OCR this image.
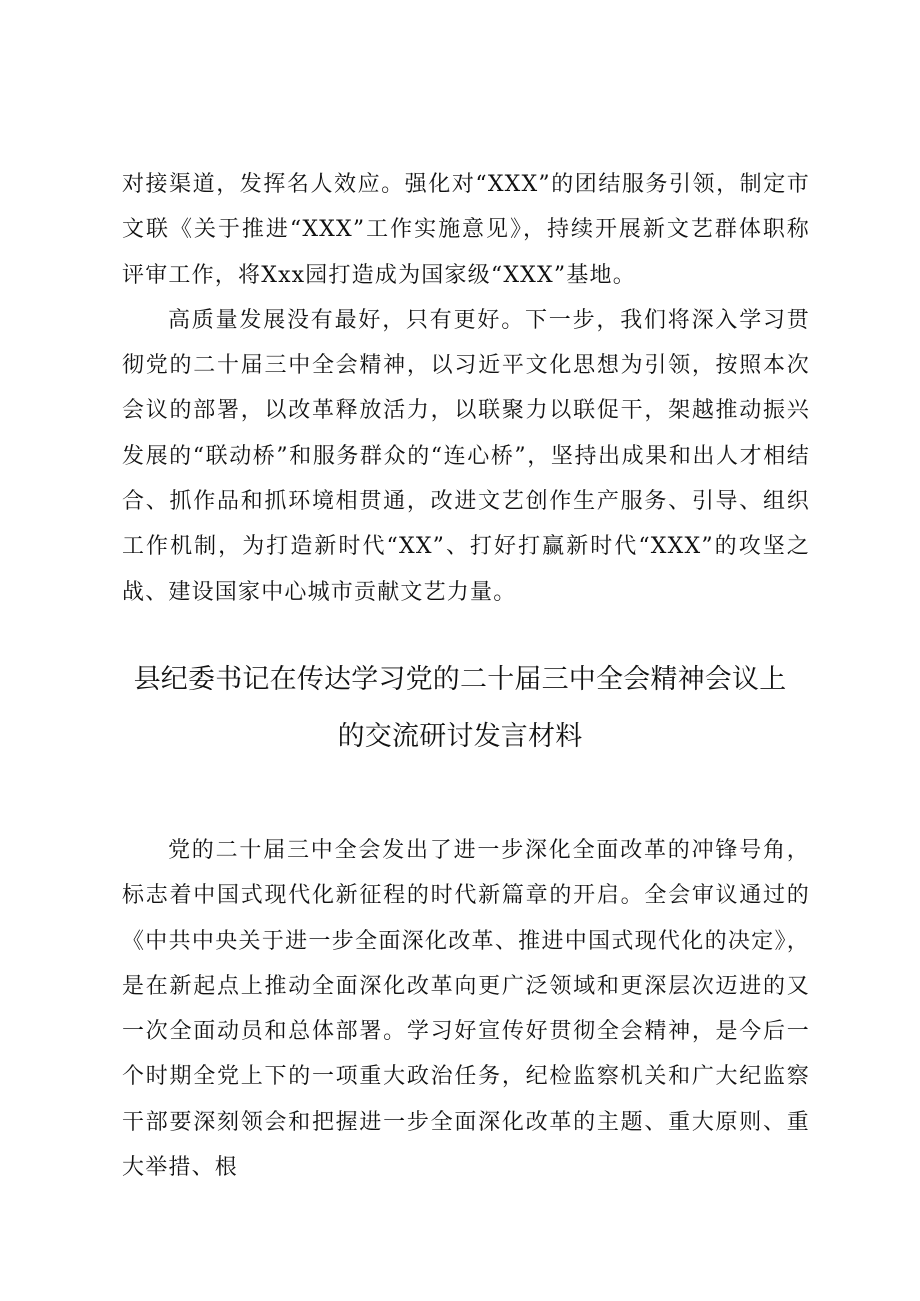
对接渠道，发挥名人效应。强化对“XXX”的团结服务引领，制定市文联《关于推进“XXX”工作实施意见》，持续开展新文艺群体职称评审工作，将Xxx园打造成为国家级“XXX”基地。

高质量发展没有最好，只有更好。下一步，我们将深入学习贯彻党的二十届三中全会精神，以习近平文化思想为引领，按照本次会议的部署，以改革释放活力，以联聚力以联促干，架越推动振兴发展的“联动桥”和服务群众的“连心桥”，坚持出成果和出人才相结合、抓作品和抓环境相贯通，改进文艺创作生产服务、引导、组织工作机制，为打造新时代“XX”、打好打赢新时代“XXX”的攻坚之战、建设国家中心城市贡献文艺力量。

县纪委书记在传达学习党的二十届三中全会精神会议上
的交流研讨发言材料

党的二十届三中全会发出了进一步深化全面改革的冲锋号角，标志着中国式现代化新征程的时代新篇章的开启。全会审议通过的《中共中央关于进一步全面深化改革、推进中国式现代化的决定》，是在新起点上推动全面深化改革向更广泛领域和更深层次迈进的又一次全面动员和总体部署。学习好宣传好贯彻全会精神，是今后一个时期全党上下的一项重大政治任务，纪检监察机关和广大纪监察干部要深刻领会和把握进一步全面深化改革的主题、重大原则、重大举措、根
